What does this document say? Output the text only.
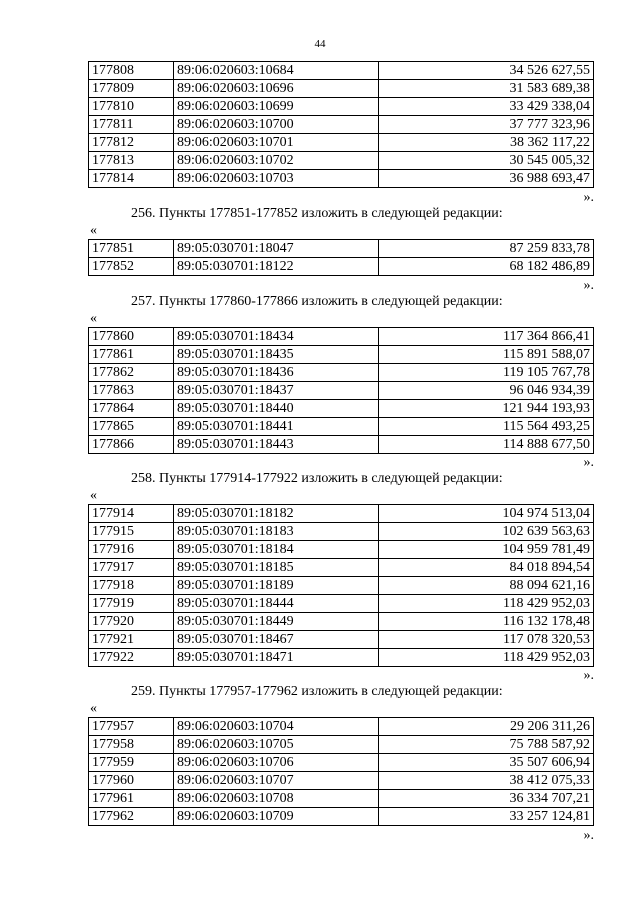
44
177808	89:06:020603:10684	34 526 627,55
177809	89:06:020603:10696	31 583 689,38
177810	89:06:020603:10699	33 429 338,04
177811	89:06:020603:10700	37 777 323,96
177812	89:06:020603:10701	38 362 117,22
177813	89:06:020603:10702	30 545 005,32
177814	89:06:020603:10703	36 988 693,47
».
256. Пункты 177851-177852 изложить в следующей редакции:
«
177851	89:05:030701:18047	87 259 833,78
177852	89:05:030701:18122	68 182 486,89
».
257. Пункты 177860-177866 изложить в следующей редакции:
«
177860	89:05:030701:18434	117 364 866,41
177861	89:05:030701:18435	115 891 588,07
177862	89:05:030701:18436	119 105 767,78
177863	89:05:030701:18437	96 046 934,39
177864	89:05:030701:18440	121 944 193,93
177865	89:05:030701:18441	115 564 493,25
177866	89:05:030701:18443	114 888 677,50
».
258. Пункты 177914-177922 изложить в следующей редакции:
«
177914	89:05:030701:18182	104 974 513,04
177915	89:05:030701:18183	102 639 563,63
177916	89:05:030701:18184	104 959 781,49
177917	89:05:030701:18185	84 018 894,54
177918	89:05:030701:18189	88 094 621,16
177919	89:05:030701:18444	118 429 952,03
177920	89:05:030701:18449	116 132 178,48
177921	89:05:030701:18467	117 078 320,53
177922	89:05:030701:18471	118 429 952,03
».
259. Пункты 177957-177962 изложить в следующей редакции:
«
177957	89:06:020603:10704	29 206 311,26
177958	89:06:020603:10705	75 788 587,92
177959	89:06:020603:10706	35 507 606,94
177960	89:06:020603:10707	38 412 075,33
177961	89:06:020603:10708	36 334 707,21
177962	89:06:020603:10709	33 257 124,81
».
